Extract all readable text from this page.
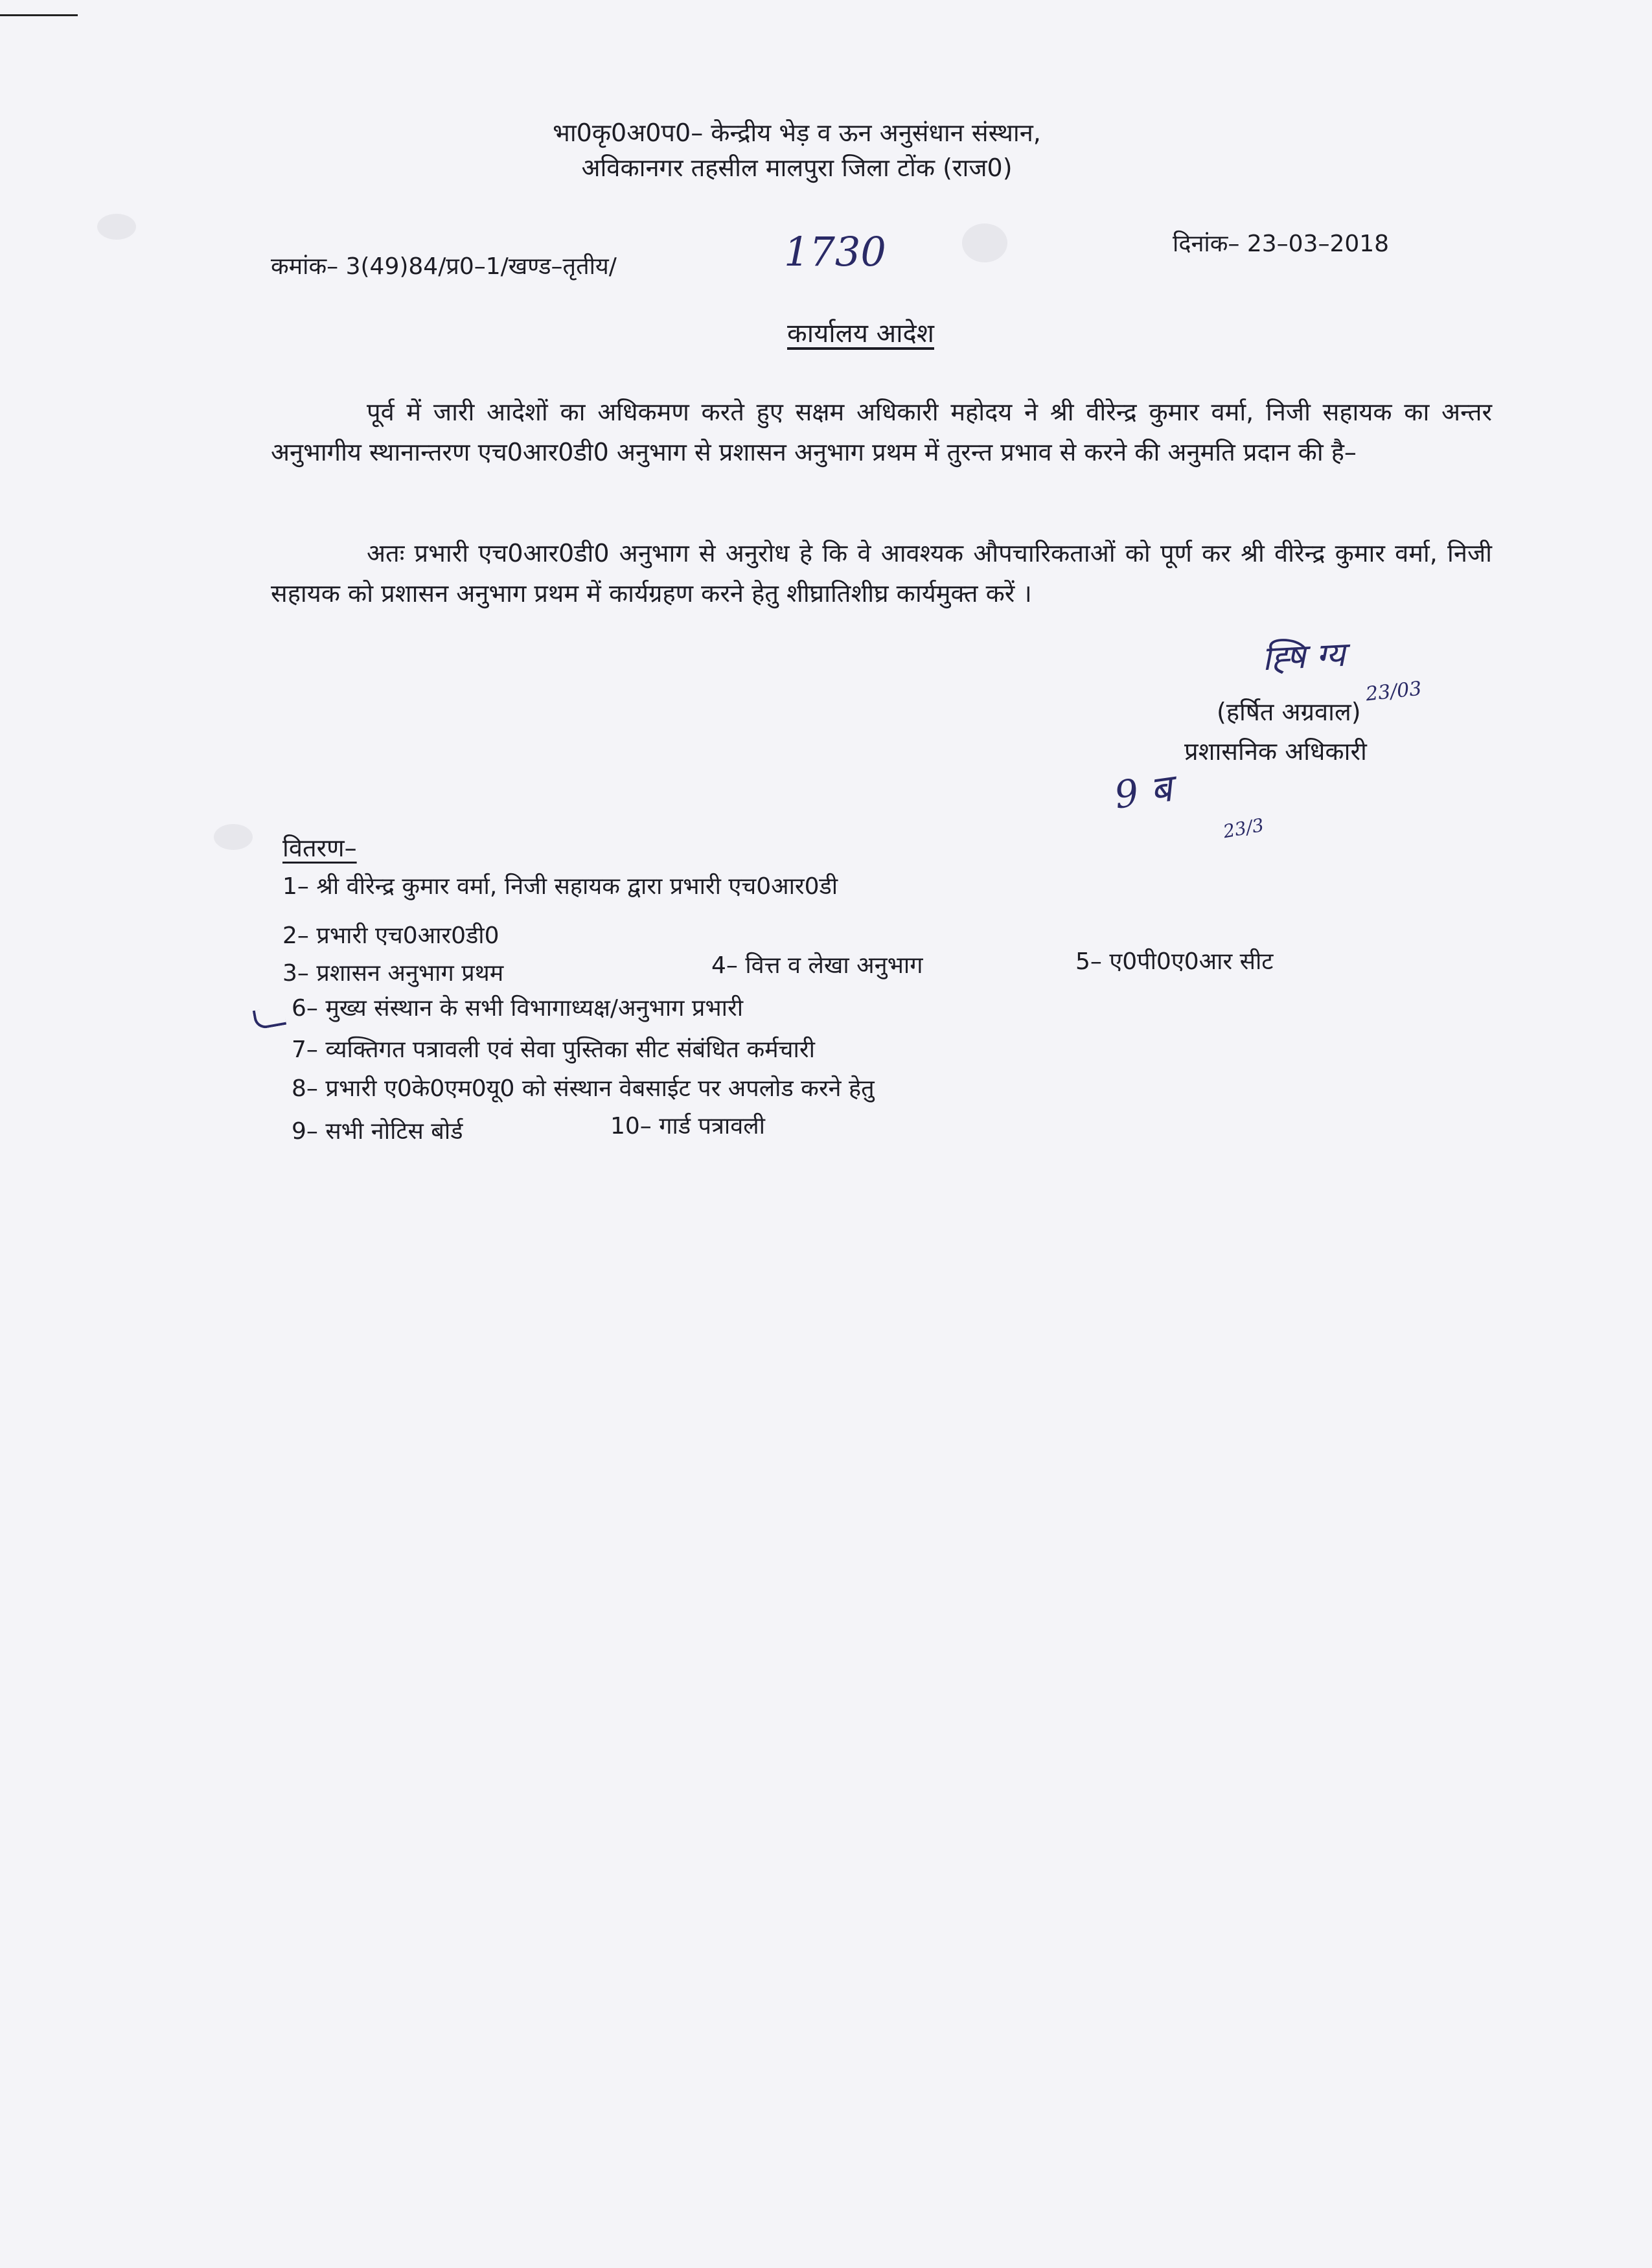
भा0कृ0अ0प0– केन्द्रीय भेड़ व ऊन अनुसंधान संस्थान,
अविकानगर तहसील मालपुरा जिला टोंक (राज0)
कमांक– 3(49)84/प्र0–1/खण्ड–तृतीय/	1730	दिनांक– 23–03–2018
कार्यालय आदेश
पूर्व में जारी आदेशों का अधिकमण करते हुए सक्षम अधिकारी महोदय ने श्री वीरेन्द्र कुमार वर्मा, निजी सहायक का अन्तर अनुभागीय स्थानान्तरण एच0आर0डी0 अनुभाग से प्रशासन अनुभाग प्रथम में तुरन्त प्रभाव से करने की अनुमति प्रदान की है–
अतः प्रभारी एच0आर0डी0 अनुभाग से अनुरोध हे कि वे आवश्यक औपचारिकताओं को पूर्ण कर श्री वीरेन्द्र कुमार वर्मा, निजी सहायक को प्रशासन अनुभाग प्रथम में कार्यग्रहण करने हेतु शीघ्रातिशीघ्र कार्यमुक्त करें ।
ह्षि ग्य
23/03
(हर्षित अग्रवाल)
प्रशासनिक अधिकारी
9 ब
23/3
वितरण–
1– श्री वीरेन्द्र कुमार वर्मा, निजी सहायक द्वारा प्रभारी एच0आर0डी
2– प्रभारी एच0आर0डी0
3– प्रशासन अनुभाग प्रथम	4– वित्त व लेखा अनुभाग	5– ए0पी0ए0आर सीट
6– मुख्य संस्थान के सभी विभागाध्यक्ष/अनुभाग प्रभारी
7– व्यक्तिगत पत्रावली एवं सेवा पुस्तिका सीट संबंधित कर्मचारी
8– प्रभारी ए0के0एम0यू0 को संस्थान वेबसाईट पर अपलोड करने हेतु
9– सभी नोटिस बोर्ड	10– गार्ड पत्रावली
